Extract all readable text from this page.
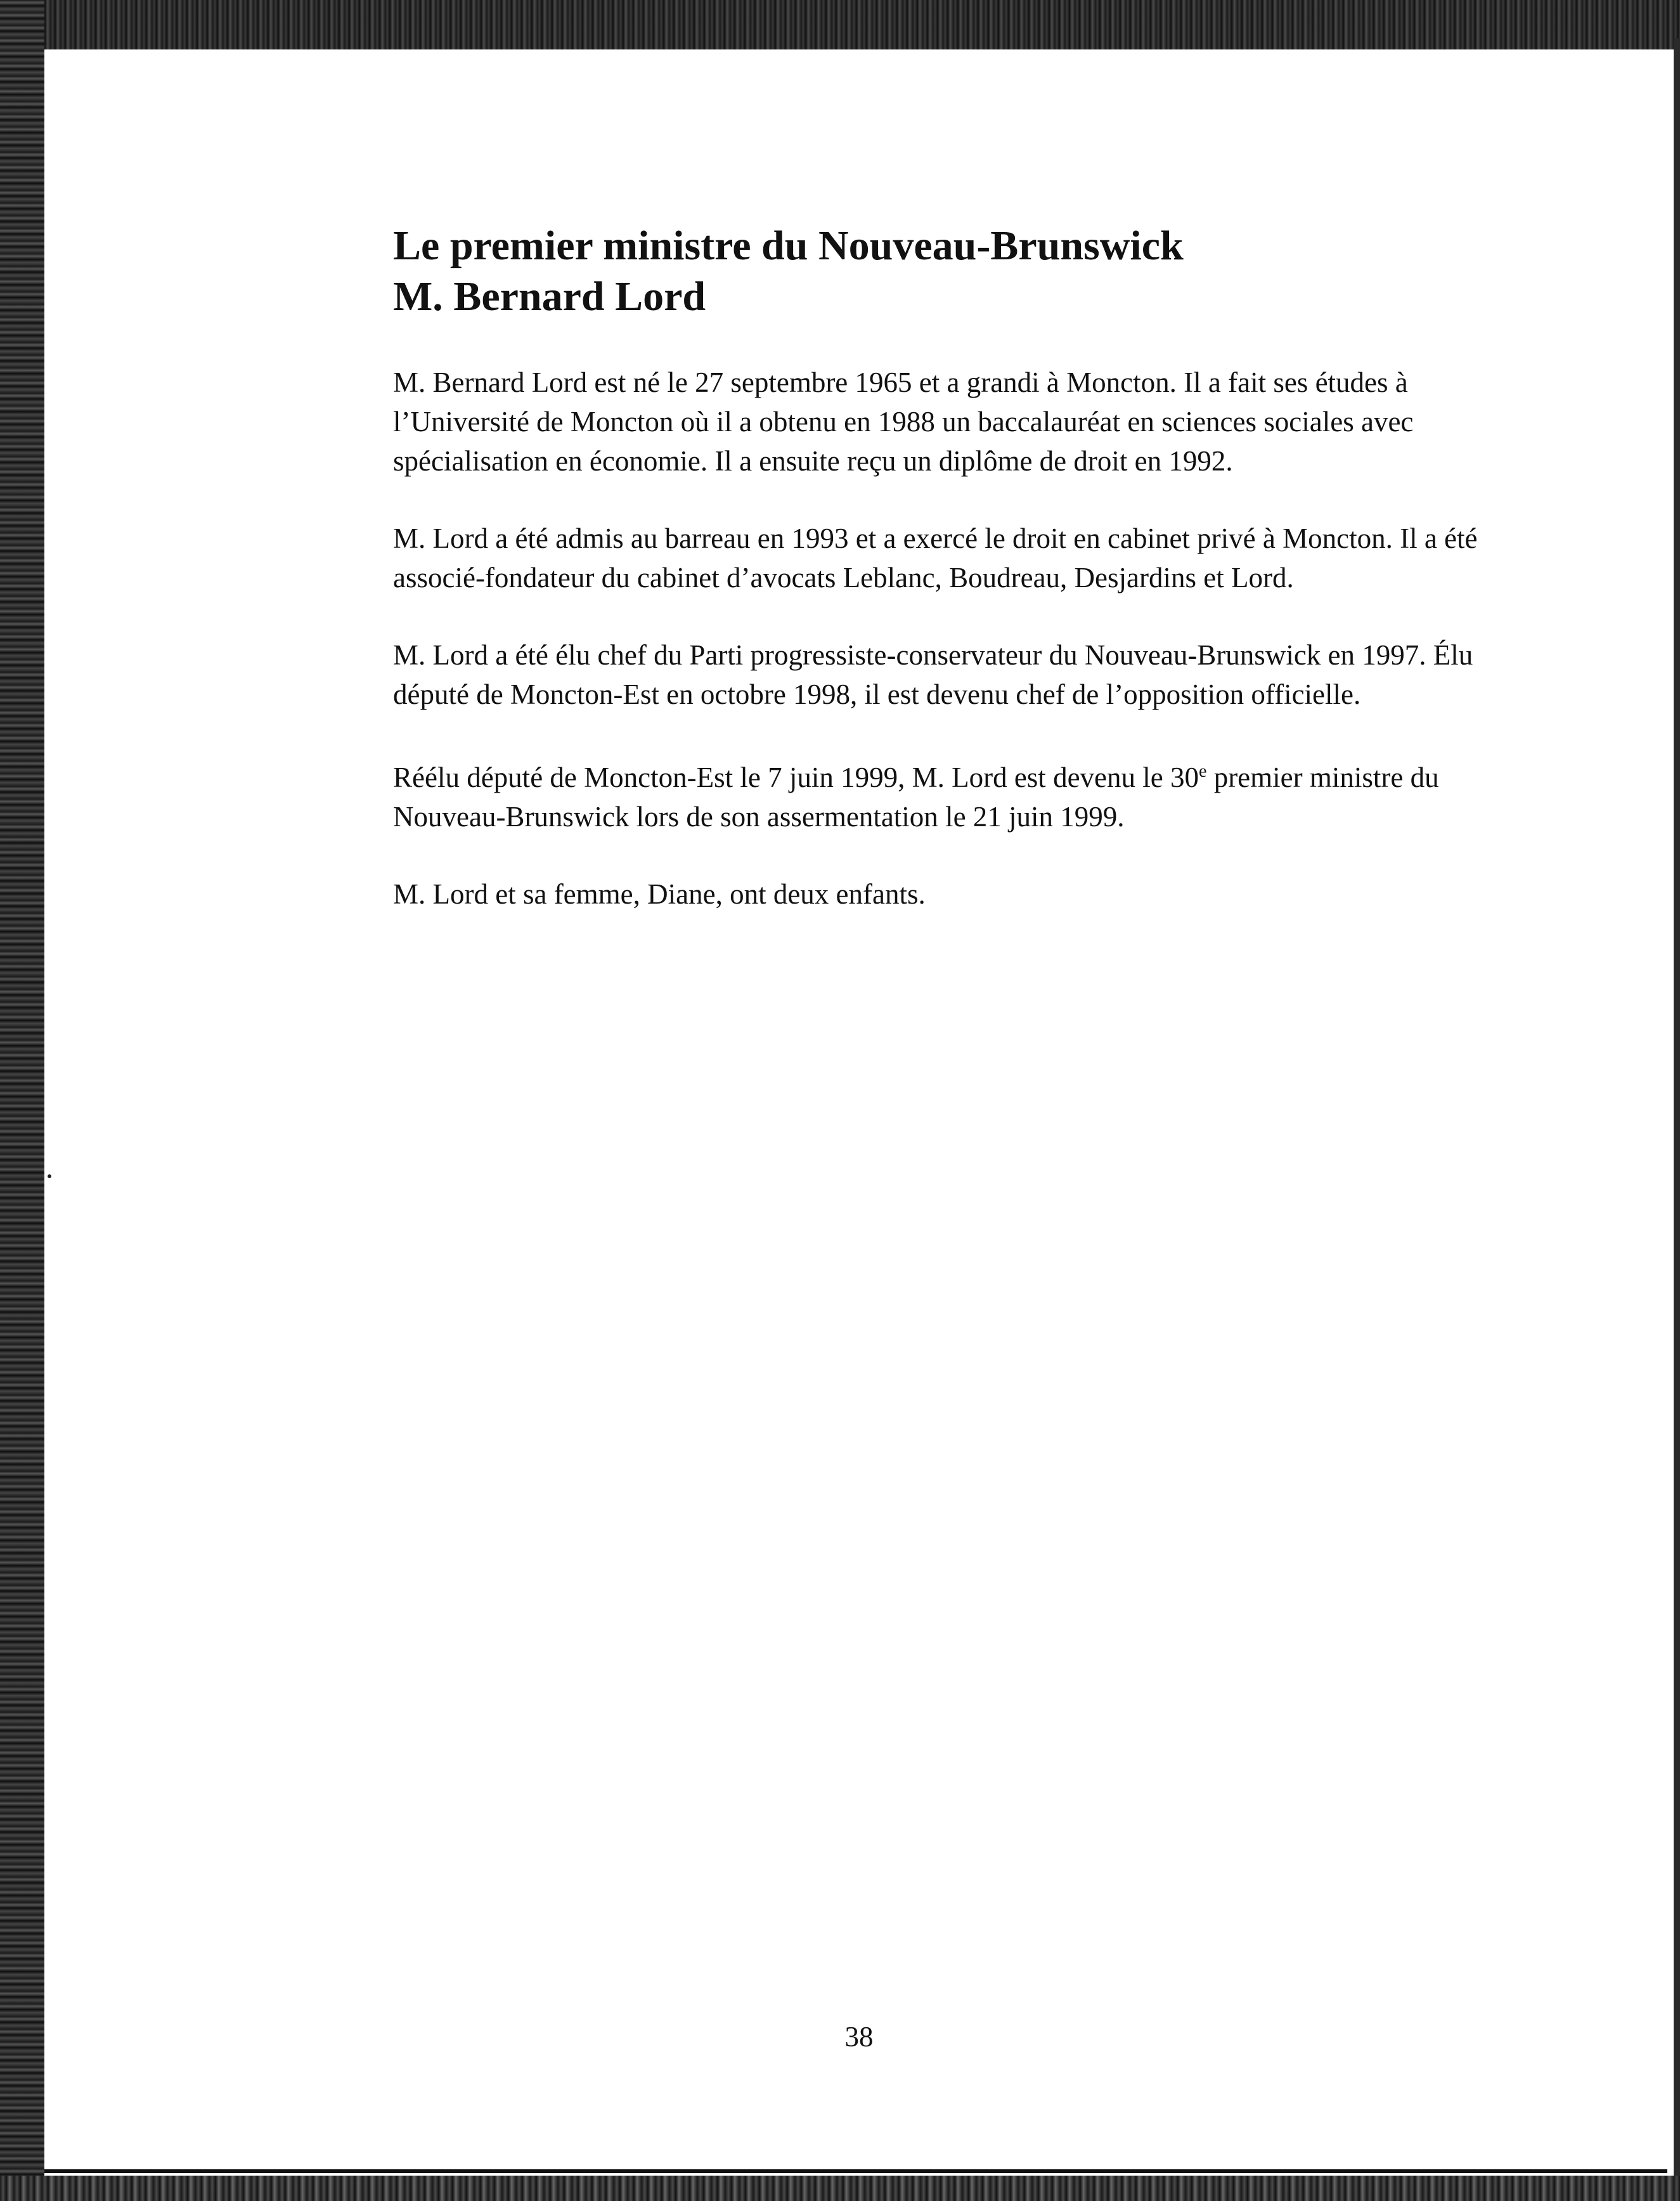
Le premier ministre du Nouveau-Brunswick
M. Bernard Lord

M. Bernard Lord est né le 27 septembre 1965 et a grandi à Moncton. Il a fait ses études à l’Université de Moncton où il a obtenu en 1988 un baccalauréat en sciences sociales avec spécialisation en économie. Il a ensuite reçu un diplôme de droit en 1992.

M. Lord a été admis au barreau en 1993 et a exercé le droit en cabinet privé à Moncton. Il a été associé-fondateur du cabinet d’avocats Leblanc, Boudreau, Desjardins et Lord.

M. Lord a été élu chef du Parti progressiste-conservateur du Nouveau-Brunswick en 1997. Élu député de Moncton-Est en octobre 1998, il est devenu chef de l’opposition officielle.

Réélu député de Moncton-Est le 7 juin 1999, M. Lord est devenu le 30e premier ministre du Nouveau-Brunswick lors de son assermentation le 21 juin 1999.

M. Lord et sa femme, Diane, ont deux enfants.

38
